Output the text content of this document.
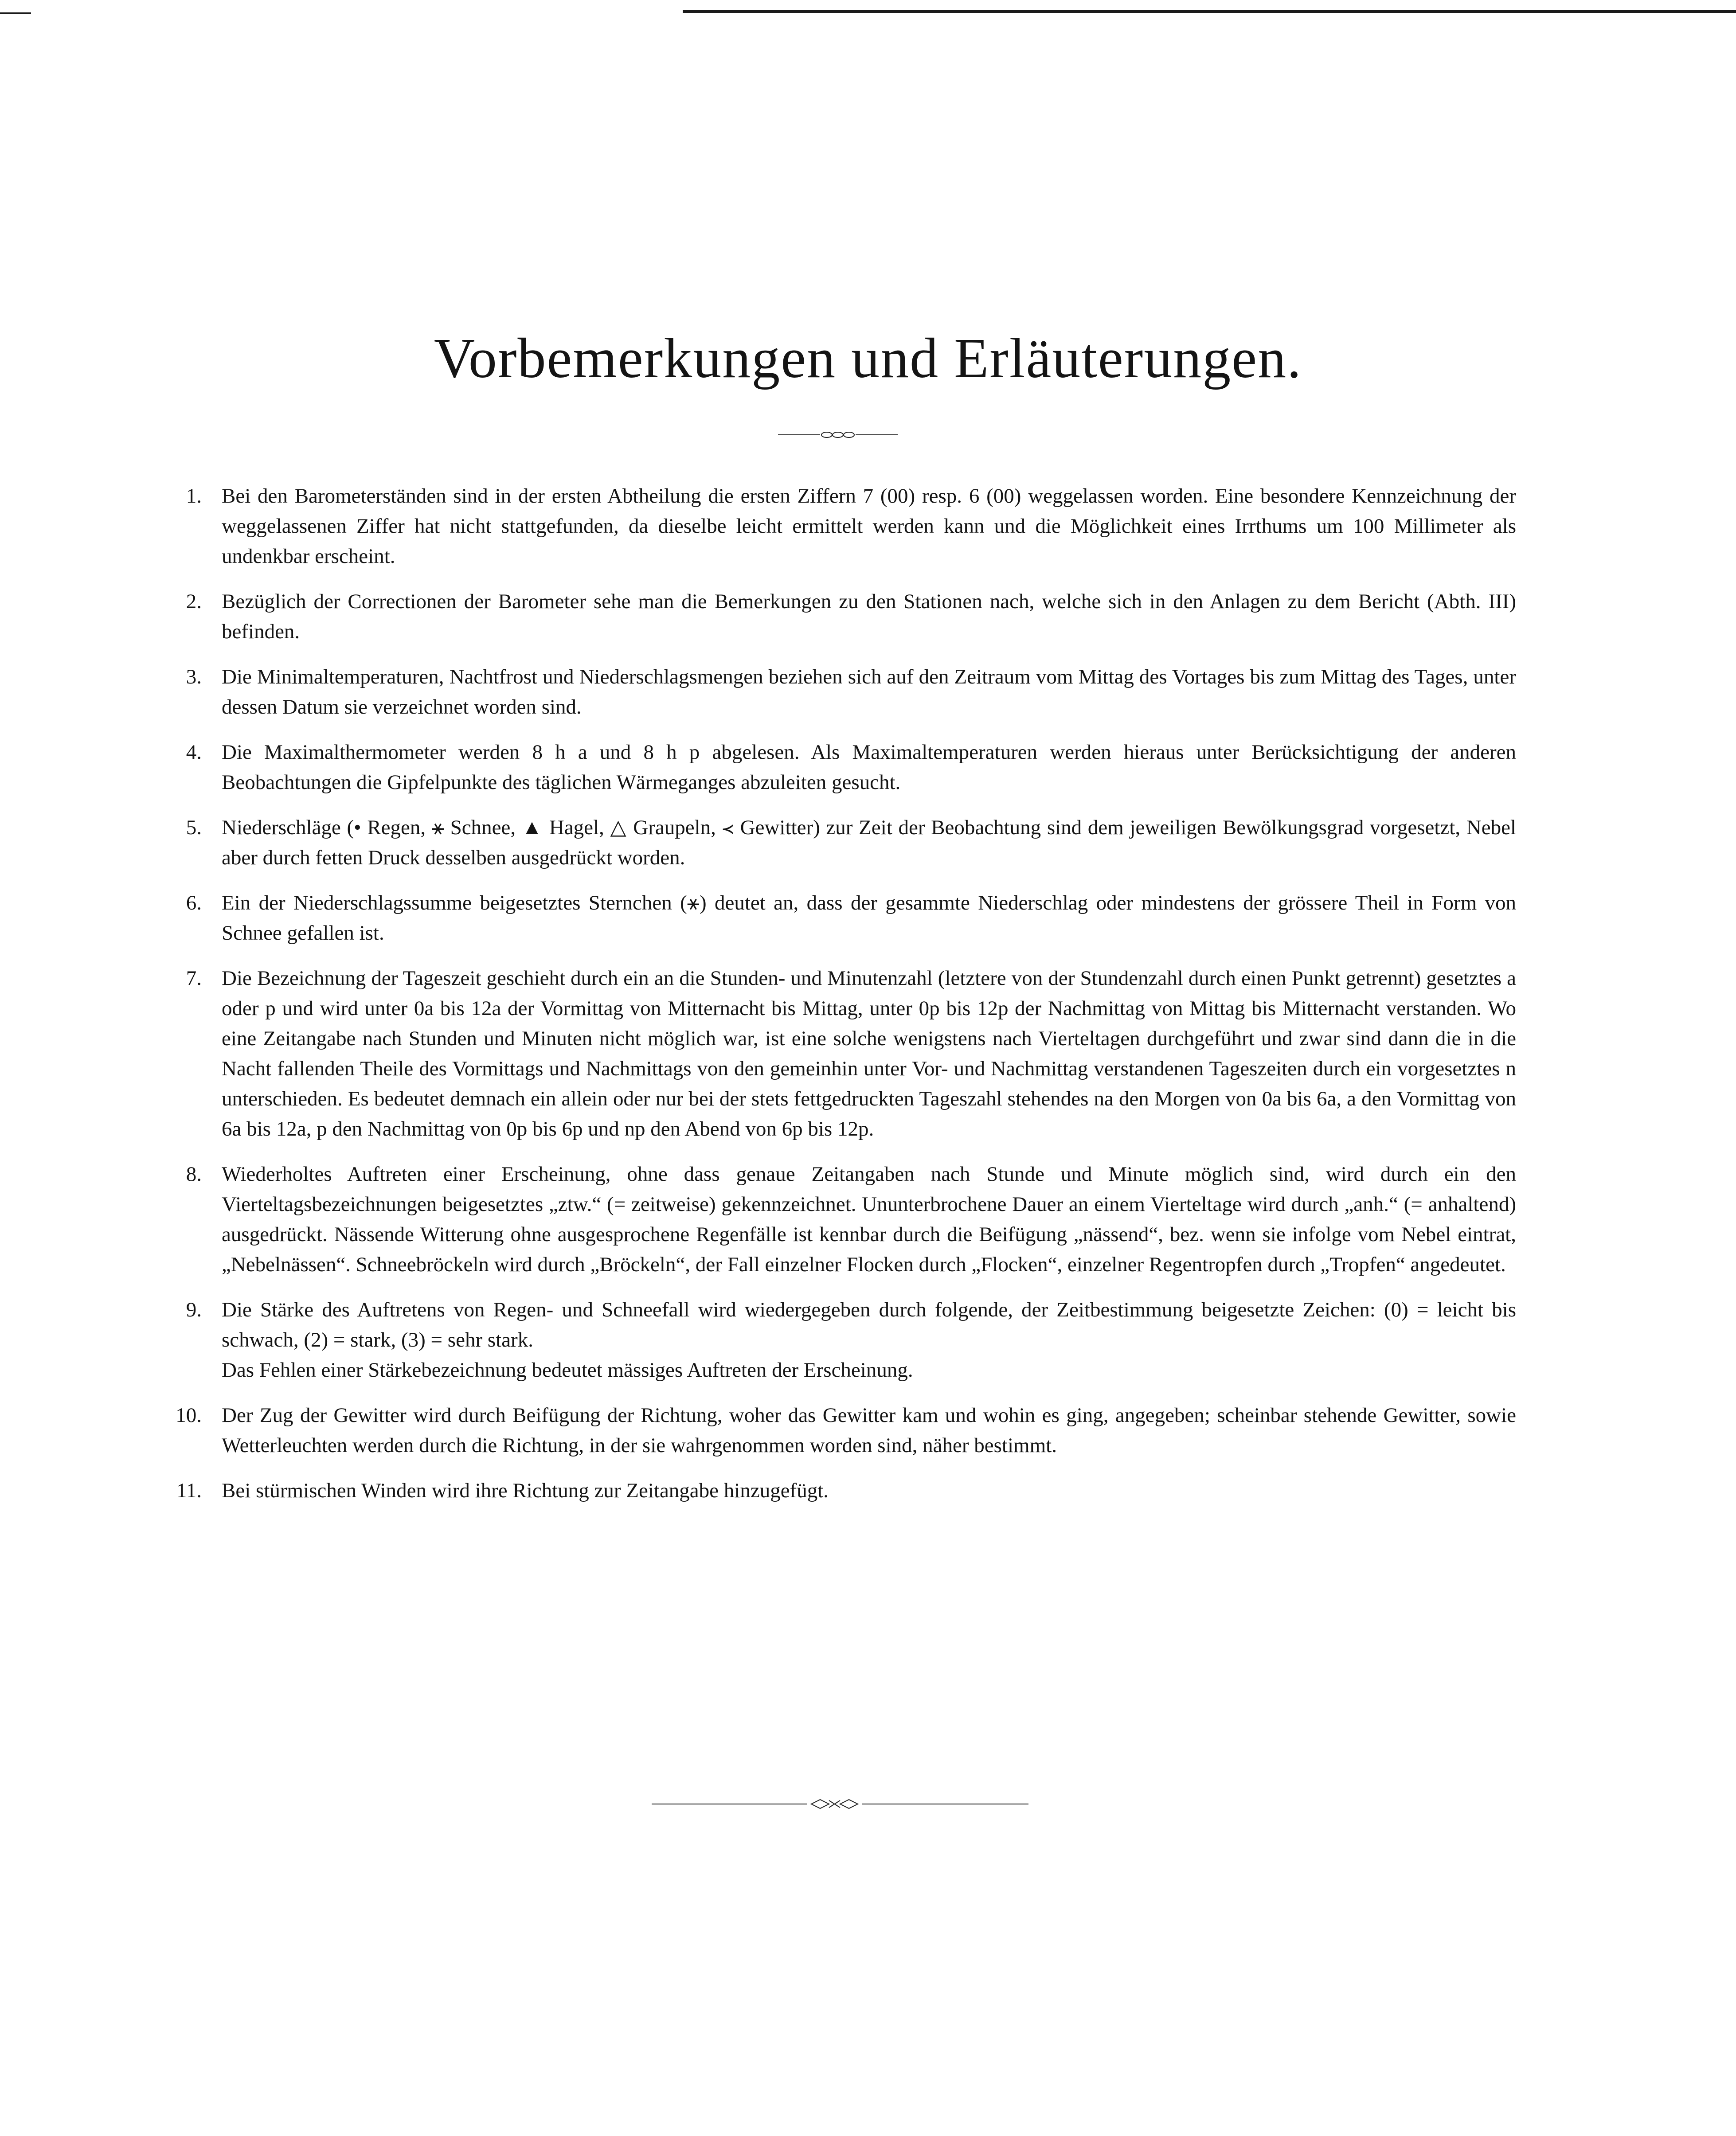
Vorbemerkungen und Erläuterungen.
1. Bei den Barometerständen sind in der ersten Abtheilung die ersten Ziffern 7 (00) resp. 6 (00) weggelassen worden. Eine besondere Kennzeichnung der weggelassenen Ziffer hat nicht stattgefunden, da dieselbe leicht ermittelt werden kann und die Möglichkeit eines Irrthums um 100 Millimeter als undenkbar erscheint.
2. Bezüglich der Correctionen der Barometer sehe man die Bemerkungen zu den Stationen nach, welche sich in den Anlagen zu dem Bericht (Abth. III) befinden.
3. Die Minimaltemperaturen, Nachtfrost und Niederschlagsmengen beziehen sich auf den Zeitraum vom Mittag des Vortages bis zum Mittag des Tages, unter dessen Datum sie verzeichnet worden sind.
4. Die Maximalthermometer werden 8 h a und 8 h p abgelesen. Als Maximaltemperaturen werden hieraus unter Berücksichtigung der anderen Beobachtungen die Gipfelpunkte des täglichen Wärmeganges abzuleiten gesucht.
5. Niederschläge (• Regen, ⚹ Schnee, ▲ Hagel, △ Graupeln, ≺ Gewitter) zur Zeit der Beobachtung sind dem jeweiligen Bewölkungsgrad vorgesetzt, Nebel aber durch fetten Druck desselben ausgedrückt worden.
6. Ein der Niederschlagssumme beigesetztes Sternchen (⚹) deutet an, dass der gesammte Niederschlag oder mindestens der grössere Theil in Form von Schnee gefallen ist.
7. Die Bezeichnung der Tageszeit geschieht durch ein an die Stunden- und Minutenzahl (letztere von der Stundenzahl durch einen Punkt getrennt) gesetztes a oder p und wird unter 0a bis 12a der Vormittag von Mitternacht bis Mittag, unter 0p bis 12p der Nachmittag von Mittag bis Mitternacht verstanden. Wo eine Zeitangabe nach Stunden und Minuten nicht möglich war, ist eine solche wenigstens nach Vierteltagen durchgeführt und zwar sind dann die in die Nacht fallenden Theile des Vormittags und Nachmittags von den gemeinhin unter Vor- und Nachmittag verstandenen Tageszeiten durch ein vorgesetztes n unterschieden. Es bedeutet demnach ein allein oder nur bei der stets fettgedruckten Tageszahl stehendes na den Morgen von 0a bis 6a, a den Vormittag von 6a bis 12a, p den Nachmittag von 0p bis 6p und np den Abend von 6p bis 12p.
8. Wiederholtes Auftreten einer Erscheinung, ohne dass genaue Zeitangaben nach Stunde und Minute möglich sind, wird durch ein den Vierteltagsbezeichnungen beigesetztes „ztw.“ (= zeitweise) gekennzeichnet. Ununterbrochene Dauer an einem Vierteltage wird durch „anh.“ (= anhaltend) ausgedrückt. Nässende Witterung ohne ausgesprochene Regenfälle ist kennbar durch die Beifügung „nässend“, bez. wenn sie infolge vom Nebel eintrat, „Nebelnässen“. Schneebröckeln wird durch „Bröckeln“, der Fall einzelner Flocken durch „Flocken“, einzelner Regentropfen durch „Tropfen“ angedeutet.
9. Die Stärke des Auftretens von Regen- und Schneefall wird wiedergegeben durch folgende, der Zeitbestimmung beigesetzte Zeichen: (0) = leicht bis schwach, (2) = stark, (3) = sehr stark.
Das Fehlen einer Stärkebezeichnung bedeutet mässiges Auftreten der Erscheinung.
10. Der Zug der Gewitter wird durch Beifügung der Richtung, woher das Gewitter kam und wohin es ging, angegeben; scheinbar stehende Gewitter, sowie Wetterleuchten werden durch die Richtung, in der sie wahrgenommen worden sind, näher bestimmt.
11. Bei stürmischen Winden wird ihre Richtung zur Zeitangabe hinzugefügt.
